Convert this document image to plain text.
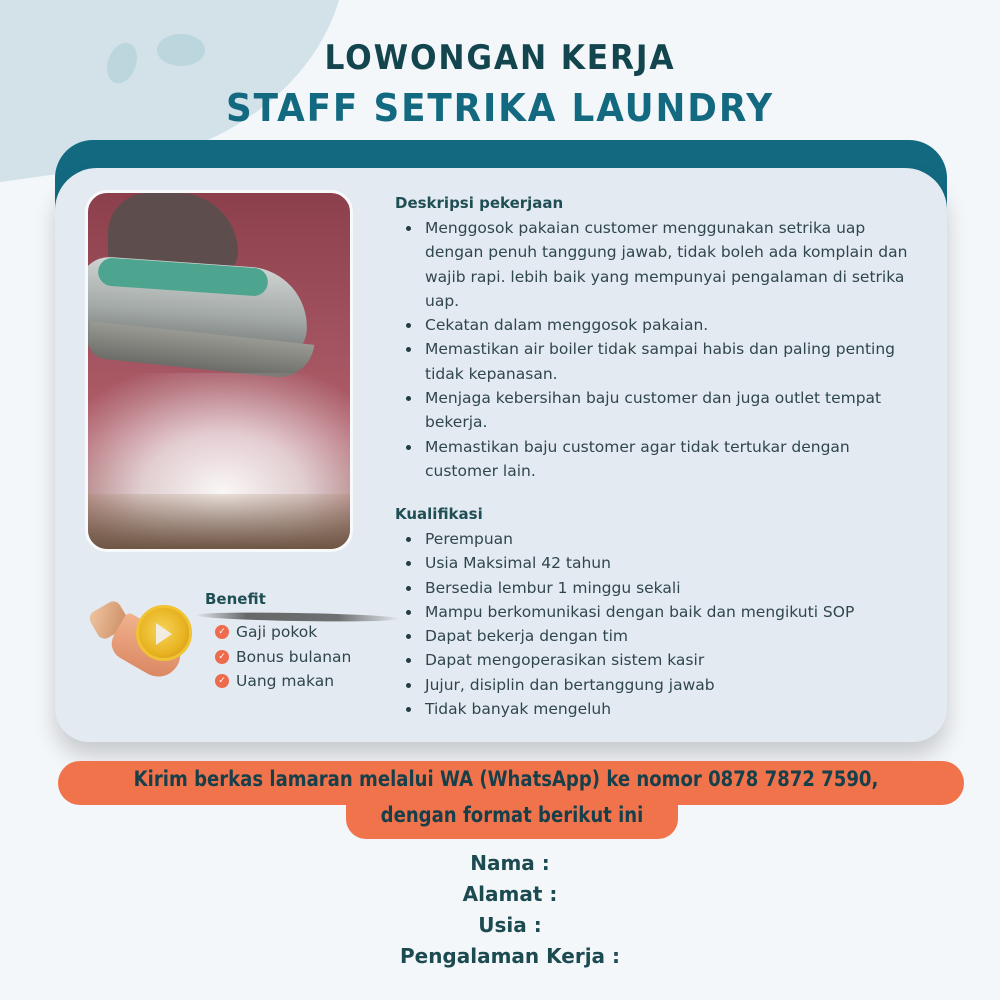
LOWONGAN KERJA
STAFF SETRIKA LAUNDRY
Deskripsi pekerjaan
Menggosok pakaian customer menggunakan setrika uap dengan penuh tanggung jawab, tidak boleh ada komplain dan wajib rapi. lebih baik yang mempunyai pengalaman di setrika uap.
Cekatan dalam menggosok pakaian.
Memastikan air boiler tidak sampai habis dan paling penting tidak kepanasan.
Menjaga kebersihan baju customer dan juga outlet tempat bekerja.
Memastikan baju customer agar tidak tertukar dengan customer lain.
Kualifikasi
Perempuan
Usia Maksimal 42 tahun
Bersedia lembur 1 minggu sekali
Mampu berkomunikasi dengan baik dan mengikuti SOP
Dapat bekerja dengan tim
Dapat mengoperasikan sistem kasir
Jujur, disiplin dan bertanggung jawab
Tidak banyak mengeluh
Benefit
✓ Gaji pokok
✓ Bonus bulanan
✓ Uang makan
Kirim berkas lamaran melalui WA (WhatsApp) ke nomor 0878 7872 7590,
dengan format berikut ini
Nama :
Alamat :
Usia :
Pengalaman Kerja :
